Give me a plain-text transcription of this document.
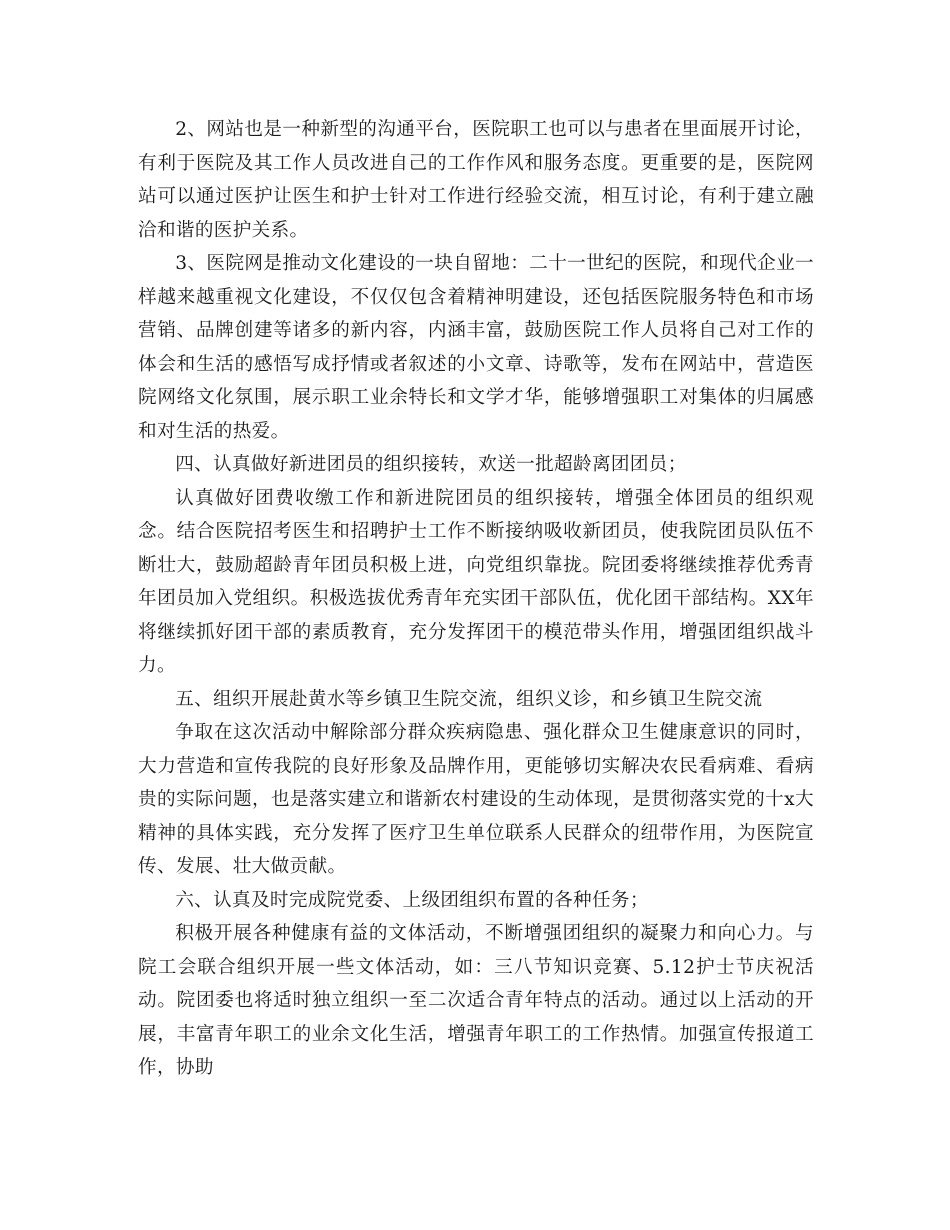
2、网站也是一种新型的沟通平台，医院职工也可以与患者在里面展开讨论，有利于医院及其工作人员改进自己的工作作风和服务态度。更重要的是，医院网站可以通过医护让医生和护士针对工作进行经验交流，相互讨论，有利于建立融洽和谐的医护关系。

3、医院网是推动文化建设的一块自留地：二十一世纪的医院，和现代企业一样越来越重视文化建设，不仅仅包含着精神明建设，还包括医院服务特色和市场营销、品牌创建等诸多的新内容，内涵丰富，鼓励医院工作人员将自己对工作的体会和生活的感悟写成抒情或者叙述的小文章、诗歌等，发布在网站中，营造医院网络文化氛围，展示职工业余特长和文学才华，能够增强职工对集体的归属感和对生活的热爱。

四、认真做好新进团员的组织接转，欢送一批超龄离团团员；

认真做好团费收缴工作和新进院团员的组织接转，增强全体团员的组织观念。结合医院招考医生和招聘护士工作不断接纳吸收新团员，使我院团员队伍不断壮大，鼓励超龄青年团员积极上进，向党组织靠拢。院团委将继续推荐优秀青年团员加入党组织。积极选拔优秀青年充实团干部队伍，优化团干部结构。XX年将继续抓好团干部的素质教育，充分发挥团干的模范带头作用，增强团组织战斗力。

五、组织开展赴黄水等乡镇卫生院交流，组织义诊，和乡镇卫生院交流

争取在这次活动中解除部分群众疾病隐患、强化群众卫生健康意识的同时，大力营造和宣传我院的良好形象及品牌作用，更能够切实解决农民看病难、看病贵的实际问题，也是落实建立和谐新农村建设的生动体现，是贯彻落实党的十x大精神的具体实践，充分发挥了医疗卫生单位联系人民群众的纽带作用，为医院宣传、发展、壮大做贡献。

六、认真及时完成院党委、上级团组织布置的各种任务；

积极开展各种健康有益的文体活动，不断增强团组织的凝聚力和向心力。与院工会联合组织开展一些文体活动，如：三八节知识竞赛、5.12护士节庆祝活动。院团委也将适时独立组织一至二次适合青年特点的活动。通过以上活动的开展，丰富青年职工的业余文化生活，增强青年职工的工作热情。加强宣传报道工作，协助
